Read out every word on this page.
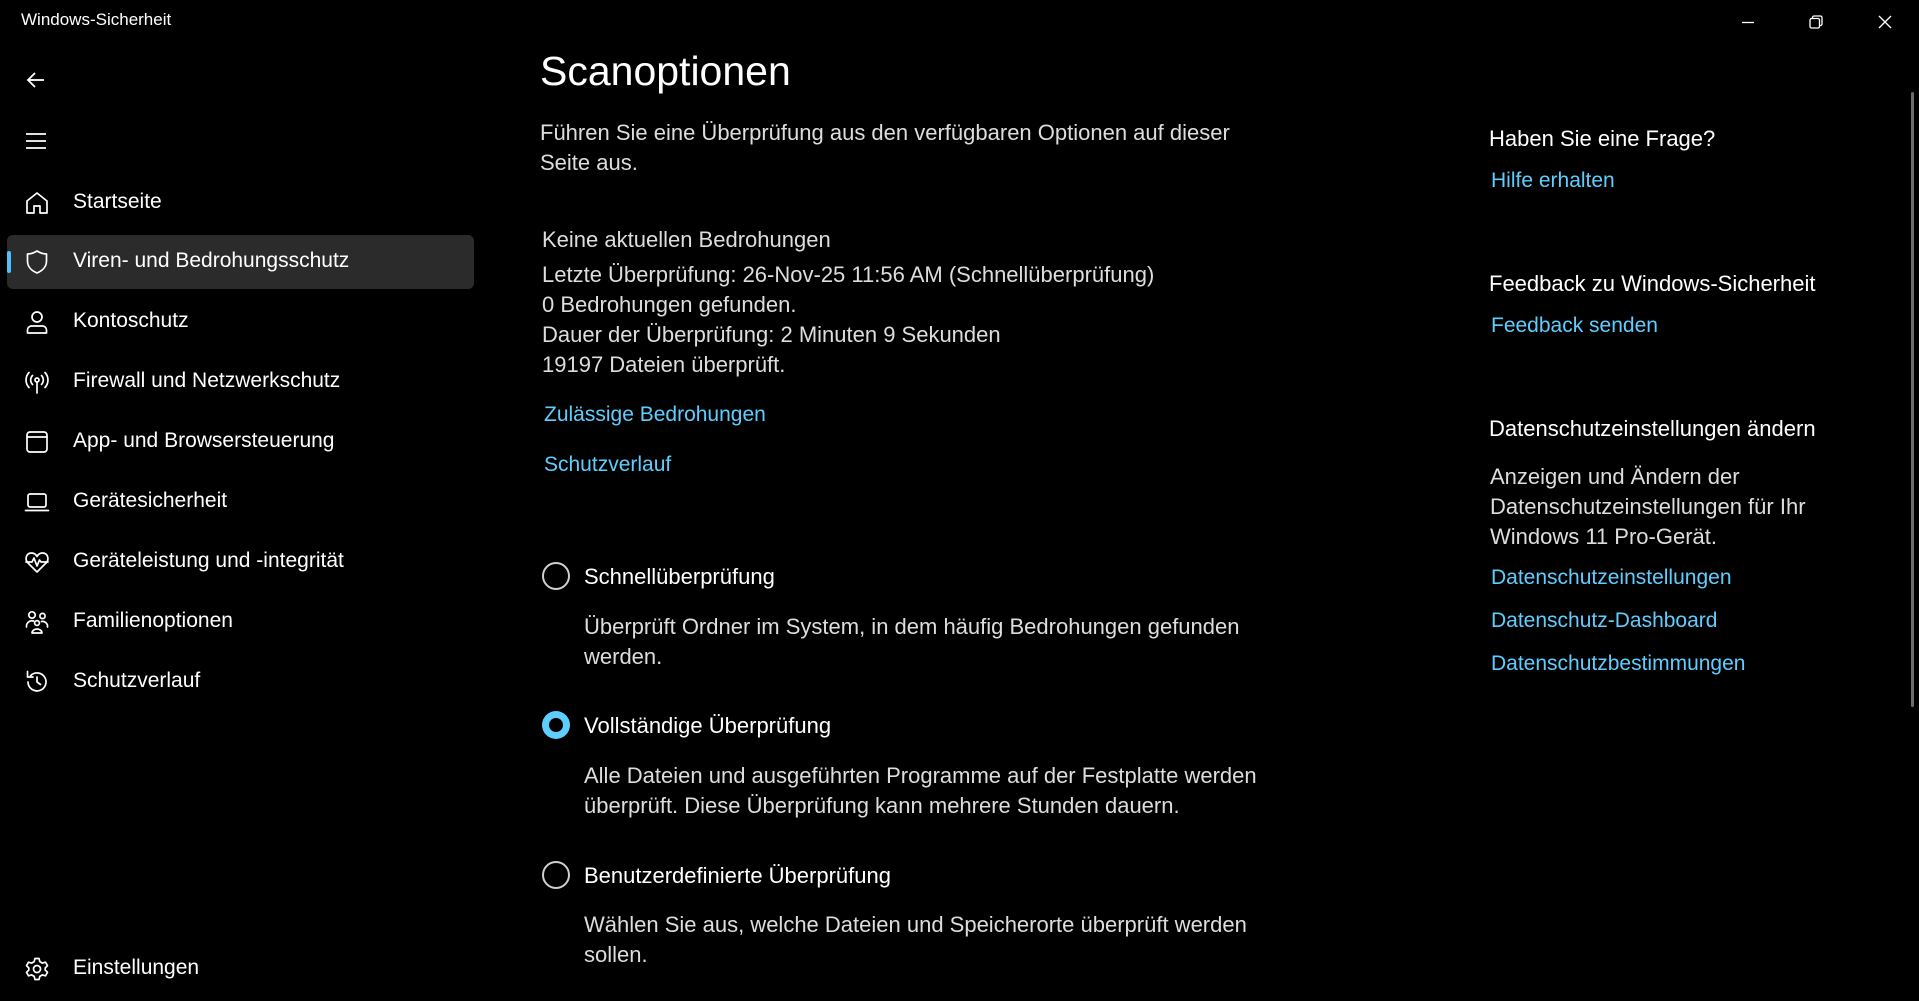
Windows-Sicherheit
Startseite
Viren- und Bedrohungsschutz
Kontoschutz
Firewall und Netzwerkschutz
App- und Browsersteuerung
Gerätesicherheit
Geräteleistung und -integrität
Familienoptionen
Schutzverlauf
Einstellungen
Scanoptionen
Führen Sie eine Überprüfung aus den verfügbaren Optionen auf dieser Seite aus.
Keine aktuellen Bedrohungen
Letzte Überprüfung: 26-Nov-25 11:56 AM (Schnellüberprüfung)
0 Bedrohungen gefunden.
Dauer der Überprüfung: 2 Minuten 9 Sekunden
19197 Dateien überprüft.
Zulässige Bedrohungen
Schutzverlauf
Schnellüberprüfung
Überprüft Ordner im System, in dem häufig Bedrohungen gefunden werden.
Vollständige Überprüfung
Alle Dateien und ausgeführten Programme auf der Festplatte werden überprüft. Diese Überprüfung kann mehrere Stunden dauern.
Benutzerdefinierte Überprüfung
Wählen Sie aus, welche Dateien und Speicherorte überprüft werden sollen.
Haben Sie eine Frage?
Hilfe erhalten
Feedback zu Windows-Sicherheit
Feedback senden
Datenschutzeinstellungen ändern
Anzeigen und Ändern der Datenschutzeinstellungen für Ihr Windows 11 Pro-Gerät.
Datenschutzeinstellungen
Datenschutz-Dashboard
Datenschutzbestimmungen
